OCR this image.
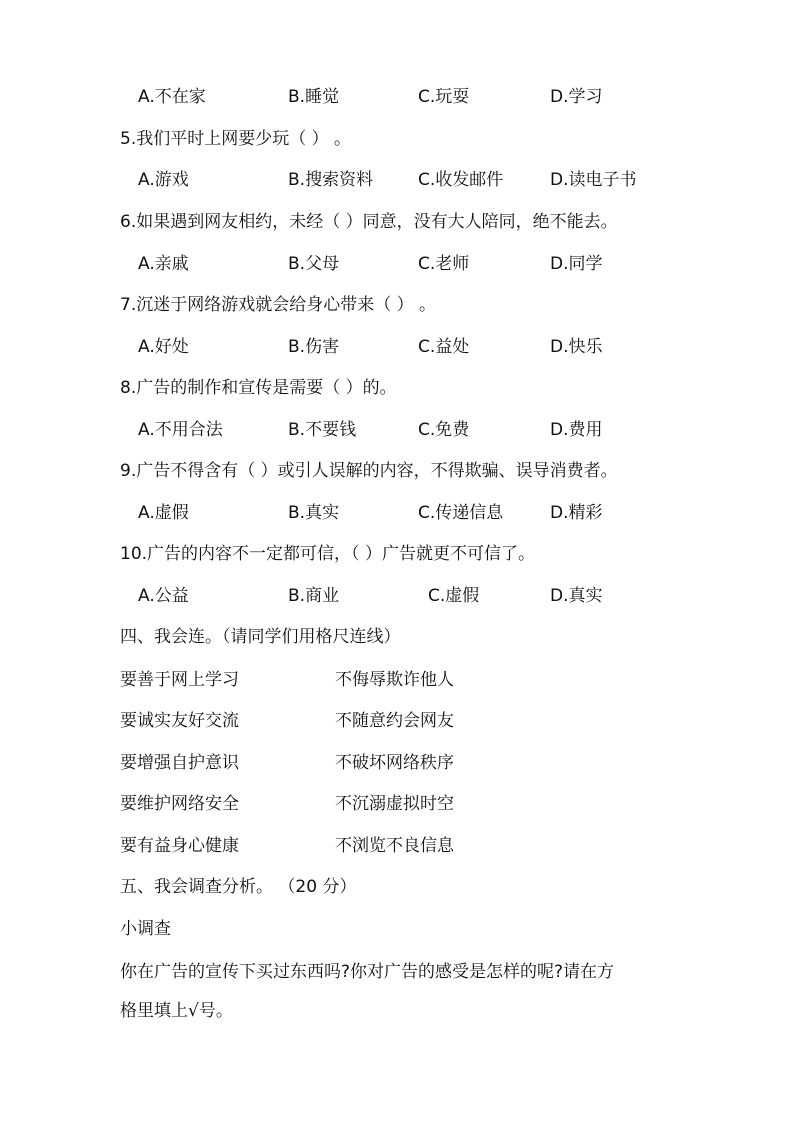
A.不在家	B.睡觉	C.玩耍	D.学习
5.我们平时上网要少玩（ ） 。
A.游戏	B.搜索资料	C.收发邮件	D.读电子书
6.如果遇到网友相约，未经（ ）同意，没有大人陪同，绝不能去。
A.亲戚	B.父母	C.老师	D.同学
7.沉迷于网络游戏就会给身心带来（ ） 。
A.好处	B.伤害	C.益处	D.快乐
8.广告的制作和宣传是需要（ ）的。
A.不用合法	B.不要钱	C.免费	D.费用
9.广告不得含有（ ）或引人误解的内容，不得欺骗、误导消费者。
A.虚假	B.真实	C.传递信息	D.精彩
10.广告的内容不一定都可信，（ ）广告就更不可信了。
A.公益	B.商业	C.虚假	D.真实
四、我会连。（请同学们用格尺连线）
要善于网上学习	不侮辱欺诈他人
要诚实友好交流	不随意约会网友
要增强自护意识	不破坏网络秩序
要维护网络安全	不沉溺虚拟时空
要有益身心健康	不浏览不良信息
五、我会调查分析。 （20 分）
小调查
你在广告的宣传下买过东西吗?你对广告的感受是怎样的呢?请在方
格里填上√号。
